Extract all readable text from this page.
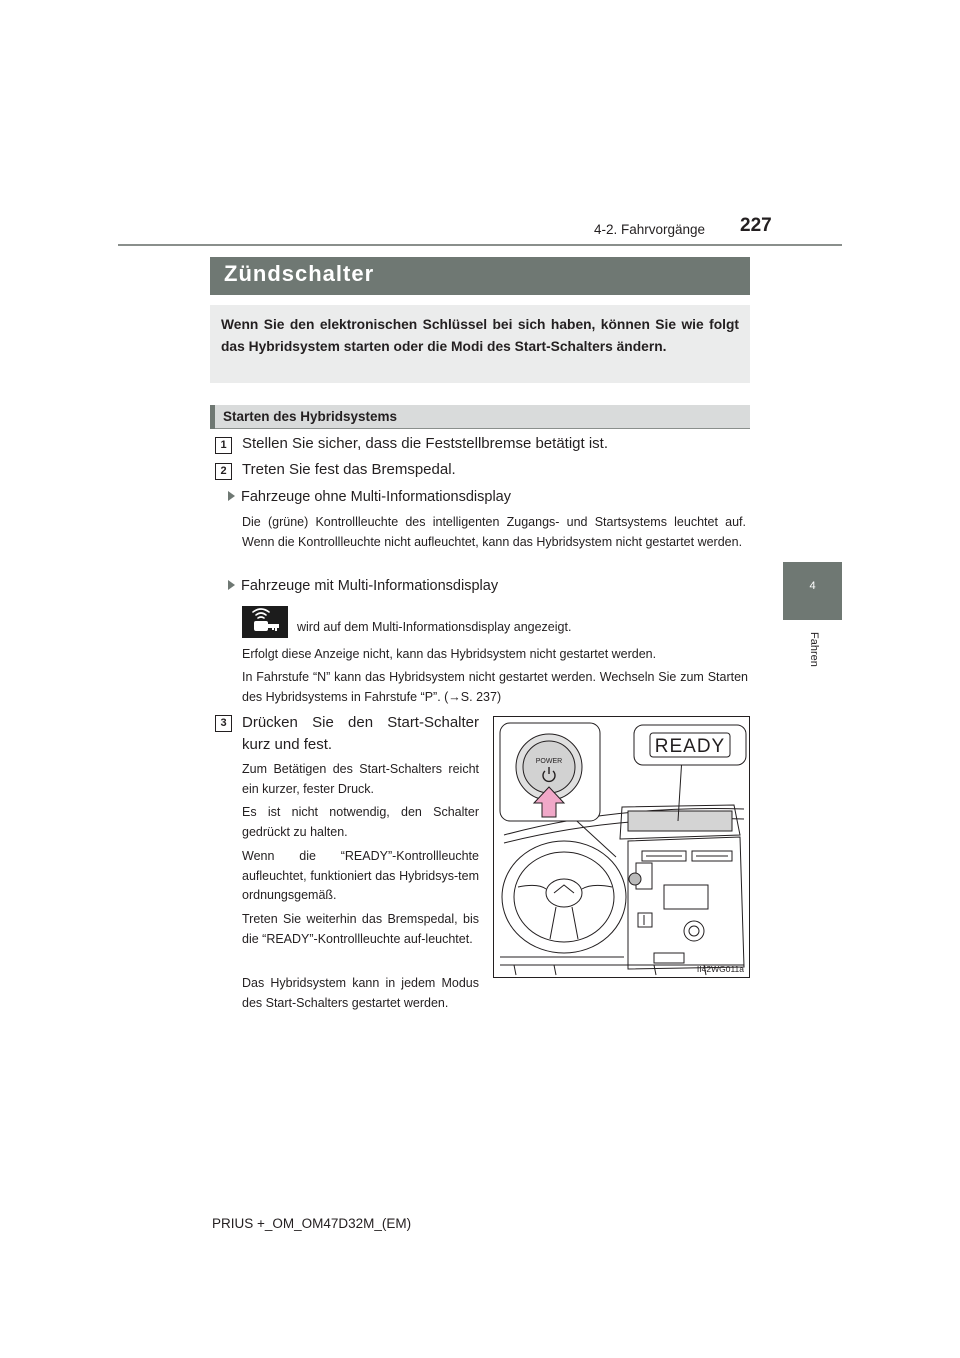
4-2. Fahrvorgänge 227
4
Fahren
Zündschalter

Wenn Sie den elektronischen Schlüssel bei sich haben, können Sie wie folgt das Hybridsystem starten oder die Modi des Start-Schalters ändern.

Starten des Hybridsystems
1	Stellen Sie sicher, dass die Feststellbremse betätigt ist.
2	Treten Sie fest das Bremspedal.
Fahrzeuge ohne Multi-Informationsdisplay
Die (grüne) Kontrollleuchte des intelligenten Zugangs- und Startsystems leuchtet auf. Wenn die Kontrollleuchte nicht aufleuchtet, kann das Hybridsystem nicht gestartet werden.
Fahrzeuge mit Multi-Informationsdisplay
wird auf dem Multi-Informationsdisplay angezeigt.
Erfolgt diese Anzeige nicht, kann das Hybridsystem nicht gestartet werden.
In Fahrstufe “N” kann das Hybridsystem nicht gestartet werden. Wechseln Sie zum Starten des Hybridsystems in Fahrstufe “P”. (→S. 237)
3	Drücken Sie den Start-Schalter kurz und fest.
Zum Betätigen des Start-Schalters reicht ein kurzer, fester Druck.
Es ist nicht notwendig, den Schalter gedrückt zu halten.
Wenn die “READY”-Kontrollleuchte aufleuchtet, funktioniert das Hybridsys-tem ordnungsgemäß.
Treten Sie weiterhin das Bremspedal, bis die “READY”-Kontrollleuchte auf-leuchtet.
Das Hybridsystem kann in jedem Modus des Start-Schalters gestartet werden.
POWER
READY
II42WG011a
PRIUS +_OM_OM47D32M_(EM)
